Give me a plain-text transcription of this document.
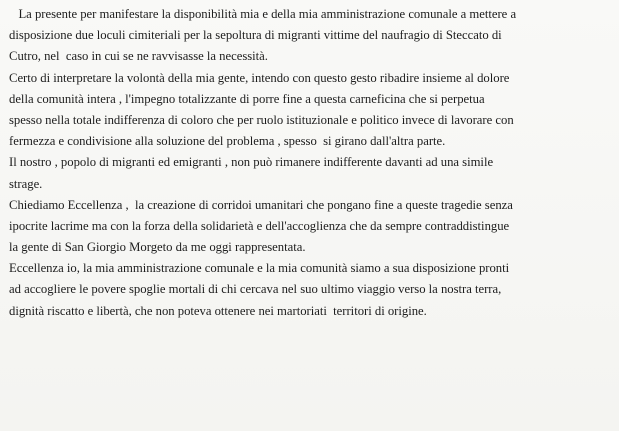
La presente per manifestare la disponibilità mia e della mia amministrazione comunale a mettere a
disposizione due loculi cimiteriali per la sepoltura di migranti vittime del naufragio di Steccato di
Cutro, nel  caso in cui se ne ravvisasse la necessità.
Certo di interpretare la volontà della mia gente, intendo con questo gesto ribadire insieme al dolore
della comunità intera , l'impegno totalizzante di porre fine a questa carneficina che si perpetua
spesso nella totale indifferenza di coloro che per ruolo istituzionale e politico invece di lavorare con
fermezza e condivisione alla soluzione del problema , spesso  si girano dall'altra parte.
Il nostro , popolo di migranti ed emigranti , non può rimanere indifferente davanti ad una simile
strage.
Chiediamo Eccellenza ,  la creazione di corridoi umanitari che pongano fine a queste tragedie senza
ipocrite lacrime ma con la forza della solidarietà e dell'accoglienza che da sempre contraddistingue
la gente di San Giorgio Morgeto da me oggi rappresentata.
Eccellenza io, la mia amministrazione comunale e la mia comunità siamo a sua disposizione pronti
ad accogliere le povere spoglie mortali di chi cercava nel suo ultimo viaggio verso la nostra terra,
dignità riscatto e libertà, che non poteva ottenere nei martoriati  territori di origine.
